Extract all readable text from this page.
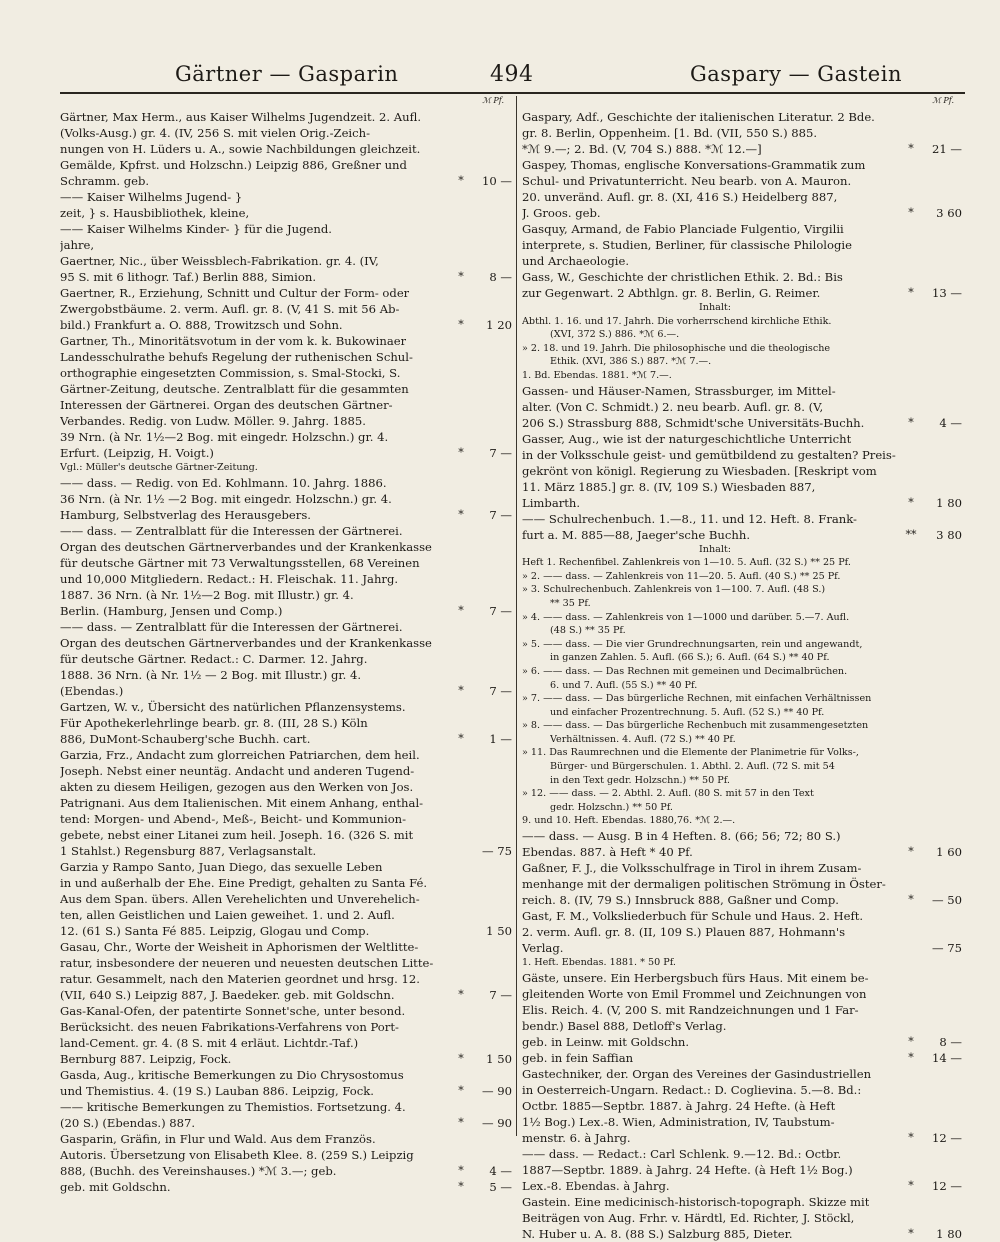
Gärtner — Gasparin	494	Gaspary — Gastein
ℳ Pf.
Gärtner, Max Herm., aus Kaiser Wilhelms Jugendzeit. 2. Aufl.
(Volks-Ausg.) gr. 4. (IV, 256 S. mit vielen Orig.-Zeich-
nungen von H. Lüders u. A., sowie Nachbildungen gleichzeit.
Gemälde, Kpfrst. und Holzschn.) Leipzig 886, Greßner und
Schramm. geb.	*	10 —
—— Kaiser Wilhelms Jugend- }
zeit, } s. Hausbibliothek, kleine,
—— Kaiser Wilhelms Kinder- } für die Jugend.
jahre,
Gaertner, Nic., über Weissblech-Fabrikation. gr. 4. (IV,
95 S. mit 6 lithogr. Taf.) Berlin 888, Simion.	*	8 —
Gaertner, R., Erziehung, Schnitt und Cultur der Form- oder
Zwergobstbäume. 2. verm. Aufl. gr. 8. (V, 41 S. mit 56 Ab-
bild.) Frankfurt a. O. 888, Trowitzsch und Sohn.	*	1 20
Gartner, Th., Minoritätsvotum in der vom k. k. Bukowinaer
Landesschulrathe behufs Regelung der ruthenischen Schul-
orthographie eingesetzten Commission, s. Smal-Stocki, S.
Gärtner-Zeitung, deutsche. Zentralblatt für die gesammten
Interessen der Gärtnerei. Organ des deutschen Gärtner-
Verbandes. Redig. von Ludw. Möller. 9. Jahrg. 1885.
39 Nrn. (à Nr. 1½—2 Bog. mit eingedr. Holzschn.) gr. 4.
Erfurt. (Leipzig, H. Voigt.)	*	7 —
Vgl.: Müller's deutsche Gärtner-Zeitung.
—— dass. — Redig. von Ed. Kohlmann. 10. Jahrg. 1886.
36 Nrn. (à Nr. 1½ —2 Bog. mit eingedr. Holzschn.) gr. 4.
Hamburg, Selbstverlag des Herausgebers.	*	7 —
—— dass. — Zentralblatt für die Interessen der Gärtnerei.
Organ des deutschen Gärtnerverbandes und der Krankenkasse
für deutsche Gärtner mit 73 Verwaltungsstellen, 68 Vereinen
und 10,000 Mitgliedern. Redact.: H. Fleischak. 11. Jahrg.
1887. 36 Nrn. (à Nr. 1½—2 Bog. mit Illustr.) gr. 4.
Berlin. (Hamburg, Jensen und Comp.)	*	7 —
—— dass. — Zentralblatt für die Interessen der Gärtnerei.
Organ des deutschen Gärtnerverbandes und der Krankenkasse
für deutsche Gärtner. Redact.: C. Darmer. 12. Jahrg.
1888. 36 Nrn. (à Nr. 1½ — 2 Bog. mit Illustr.) gr. 4.
(Ebendas.)	*	7 —
Gartzen, W. v., Übersicht des natürlichen Pflanzensystems.
Für Apothekerlehrlinge bearb. gr. 8. (III, 28 S.) Köln
886, DuMont-Schauberg'sche Buchh. cart.	*	1 —
Garzia, Frz., Andacht zum glorreichen Patriarchen, dem heil.
Joseph. Nebst einer neuntäg. Andacht und anderen Tugend-
akten zu diesem Heiligen, gezogen aus den Werken von Jos.
Patrignani. Aus dem Italienischen. Mit einem Anhang, enthal-
tend: Morgen- und Abend-, Meß-, Beicht- und Kommunion-
gebete, nebst einer Litanei zum heil. Joseph. 16. (326 S. mit
1 Stahlst.) Regensburg 887, Verlagsanstalt.	— 75
Garzia y Rampo Santo, Juan Diego, das sexuelle Leben
in und außerhalb der Ehe. Eine Predigt, gehalten zu Santa Fé.
Aus dem Span. übers. Allen Verehelichten und Unverehelich-
ten, allen Geistlichen und Laien geweihet. 1. und 2. Aufl.
12. (61 S.) Santa Fé 885. Leipzig, Glogau und Comp.	1 50
Gasau, Chr., Worte der Weisheit in Aphorismen der Weltlitte-
ratur, insbesondere der neueren und neuesten deutschen Litte-
ratur. Gesammelt, nach den Materien geordnet und hrsg. 12.
(VII, 640 S.) Leipzig 887, J. Baedeker. geb. mit Goldschn.	*	7 —
Gas-Kanal-Ofen, der patentirte Sonnet'sche, unter besond.
Berücksicht. des neuen Fabrikations-Verfahrens von Port-
land-Cement. gr. 4. (8 S. mit 4 erläut. Lichtdr.-Taf.)
Bernburg 887. Leipzig, Fock.	*	1 50
Gasda, Aug., kritische Bemerkungen zu Dio Chrysostomus
und Themistius. 4. (19 S.) Lauban 886. Leipzig, Fock.	*	— 90
—— kritische Bemerkungen zu Themistios. Fortsetzung. 4.
(20 S.) (Ebendas.) 887.	*	— 90
Gasparin, Gräfin, in Flur und Wald. Aus dem Französ.
Autoris. Übersetzung von Elisabeth Klee. 8. (259 S.) Leipzig
888, (Buchh. des Vereinshauses.) *ℳ 3.—; geb.	*	4 —
geb. mit Goldschn.	*	5 —
ℳ Pf.
Gaspary, Adf., Geschichte der italienischen Literatur. 2 Bde.
gr. 8. Berlin, Oppenheim. [1. Bd. (VII, 550 S.) 885.
*ℳ 9.—; 2. Bd. (V, 704 S.) 888. *ℳ 12.—]	*	21 —
Gaspey, Thomas, englische Konversations-Grammatik zum
Schul- und Privatunterricht. Neu bearb. von A. Mauron.
20. unveränd. Aufl. gr. 8. (XI, 416 S.) Heidelberg 887,
J. Groos. geb.	*	3 60
Gasquy, Armand, de Fabio Planciade Fulgentio, Virgilii
interprete, s. Studien, Berliner, für classische Philologie
und Archaeologie.
Gass, W., Geschichte der christlichen Ethik. 2. Bd.: Bis
zur Gegenwart. 2 Abthlgn. gr. 8. Berlin, G. Reimer.	*	13 —
Inhalt:
Abthl. 1. 16. und 17. Jahrh. Die vorherrschend kirchliche Ethik.
(XVI, 372 S.) 886. *ℳ 6.—.
» 2. 18. und 19. Jahrh. Die philosophische und die theologische
Ethik. (XVI, 386 S.) 887. *ℳ 7.—.
1. Bd. Ebendas. 1881. *ℳ 7.—.
Gassen- und Häuser-Namen, Strassburger, im Mittel-
alter. (Von C. Schmidt.) 2. neu bearb. Aufl. gr. 8. (V,
206 S.) Strassburg 888, Schmidt'sche Universitäts-Buchh.	*	4 —
Gasser, Aug., wie ist der naturgeschichtliche Unterricht
in der Volksschule geist- und gemütbildend zu gestalten? Preis-
gekrönt von königl. Regierung zu Wiesbaden. [Reskript vom
11. März 1885.] gr. 8. (IV, 109 S.) Wiesbaden 887,
Limbarth.	*	1 80
—— Schulrechenbuch. 1.—8., 11. und 12. Heft. 8. Frank-
furt a. M. 885—88, Jaeger'sche Buchh.	**	3 80
Inhalt:
Heft 1. Rechenfibel. Zahlenkreis von 1—10. 5. Aufl. (32 S.) ** 25 Pf.
» 2. —— dass. — Zahlenkreis von 11—20. 5. Aufl. (40 S.) ** 25 Pf.
» 3. Schulrechenbuch. Zahlenkreis von 1—100. 7. Aufl. (48 S.)
** 35 Pf.
» 4. —— dass. — Zahlenkreis von 1—1000 und darüber. 5.—7. Aufl.
(48 S.) ** 35 Pf.
» 5. —— dass. — Die vier Grundrechnungsarten, rein und angewandt,
in ganzen Zahlen. 5. Aufl. (66 S.); 6. Aufl. (64 S.) ** 40 Pf.
» 6. —— dass. — Das Rechnen mit gemeinen und Decimalbrüchen.
6. und 7. Aufl. (55 S.) ** 40 Pf.
» 7. —— dass. — Das bürgerliche Rechnen, mit einfachen Verhältnissen
und einfacher Prozentrechnung. 5. Aufl. (52 S.) ** 40 Pf.
» 8. —— dass. — Das bürgerliche Rechenbuch mit zusammengesetzten
Verhältnissen. 4. Aufl. (72 S.) ** 40 Pf.
» 11. Das Raumrechnen und die Elemente der Planimetrie für Volks-,
Bürger- und Bürgerschulen. 1. Abthl. 2. Aufl. (72 S. mit 54
in den Text gedr. Holzschn.) ** 50 Pf.
» 12. —— dass. — 2. Abthl. 2. Aufl. (80 S. mit 57 in den Text
gedr. Holzschn.) ** 50 Pf.
9. und 10. Heft. Ebendas. 1880,76. *ℳ 2.—.
—— dass. — Ausg. B in 4 Heften. 8. (66; 56; 72; 80 S.)
Ebendas. 887. à Heft * 40 Pf.	*	1 60
Gaßner, F. J., die Volksschulfrage in Tirol in ihrem Zusam-
menhange mit der dermaligen politischen Strömung in Öster-
reich. 8. (IV, 79 S.) Innsbruck 888, Gaßner und Comp.	*	— 50
Gast, F. M., Volksliederbuch für Schule und Haus. 2. Heft.
2. verm. Aufl. gr. 8. (II, 109 S.) Plauen 887, Hohmann's
Verlag.	— 75
1. Heft. Ebendas. 1881. * 50 Pf.
Gäste, unsere. Ein Herbergsbuch fürs Haus. Mit einem be-
gleitenden Worte von Emil Frommel und Zeichnungen von
Elis. Reich. 4. (V, 200 S. mit Randzeichnungen und 1 Far-
bendr.) Basel 888, Detloff's Verlag.
geb. in Leinw. mit Goldschn.	*	8 —
geb. in fein Saffian	*	14 —
Gastechniker, der. Organ des Vereines der Gasindustriellen
in Oesterreich-Ungarn. Redact.: D. Coglievina. 5.—8. Bd.:
Octbr. 1885—Septbr. 1887. à Jahrg. 24 Hefte. (à Heft
1½ Bog.) Lex.-8. Wien, Administration, IV, Taubstum-
menstr. 6. à Jahrg.	*	12 —
—— dass. — Redact.: Carl Schlenk. 9.—12. Bd.: Octbr.
1887—Septbr. 1889. à Jahrg. 24 Hefte. (à Heft 1½ Bog.)
Lex.-8. Ebendas. à Jahrg.	*	12 —
Gastein. Eine medicinisch-historisch-topograph. Skizze mit
Beiträgen von Aug. Frhr. v. Härdtl, Ed. Richter, J. Stöckl,
N. Huber u. A. 8. (88 S.) Salzburg 885, Dieter.	*	1 80
